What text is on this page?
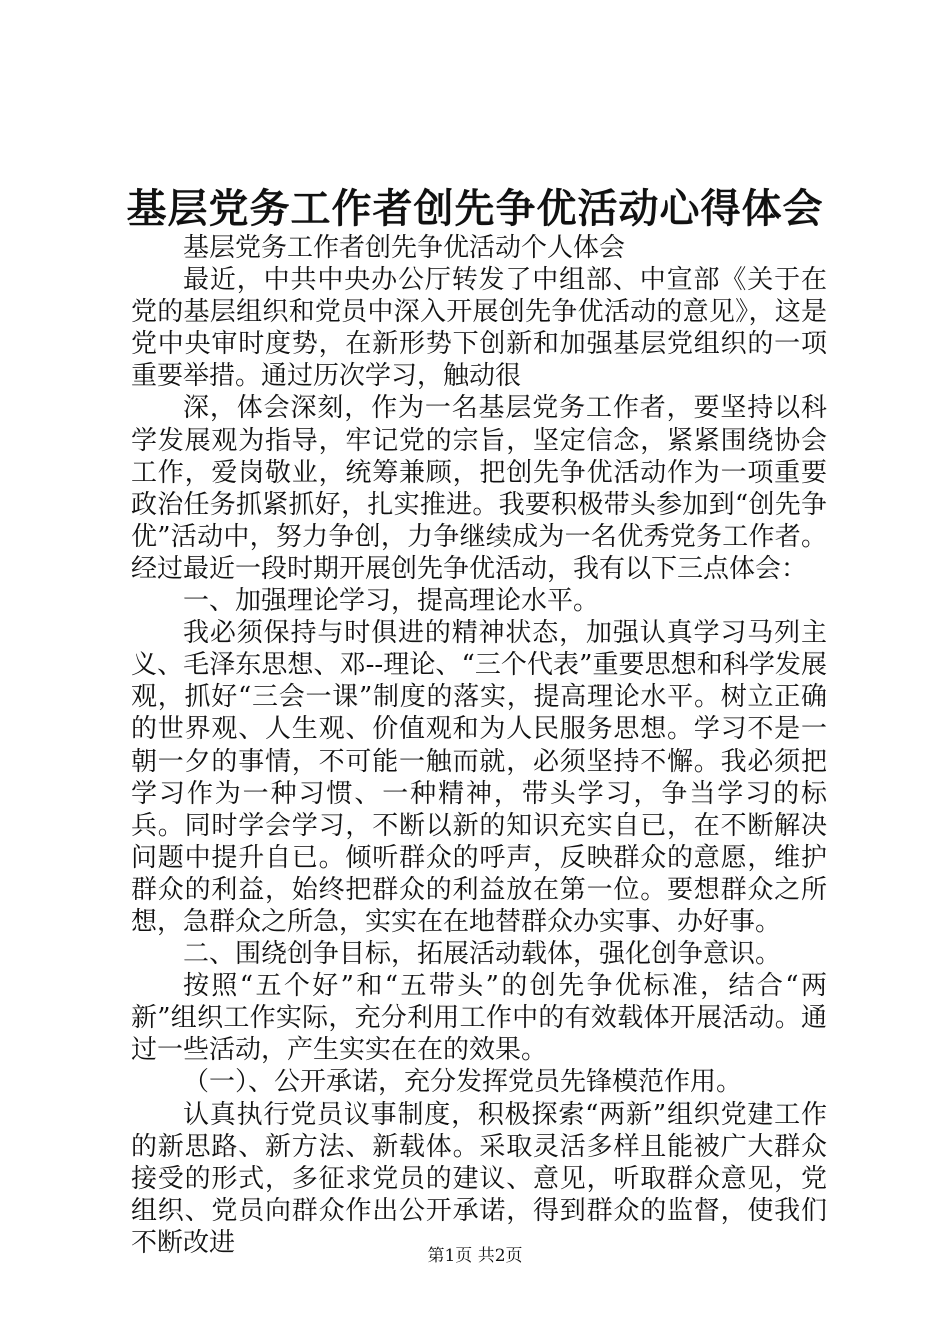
基层党务工作者创先争优活动心得体会

基层党务工作者创先争优活动个人体会

最近，中共中央办公厅转发了中组部、中宣部《关于在党的基层组织和党员中深入开展创先争优活动的意见》，这是党中央审时度势，在新形势下创新和加强基层党组织的一项重要举措。通过历次学习，触动很

深，体会深刻，作为一名基层党务工作者，要坚持以科学发展观为指导，牢记党的宗旨，坚定信念，紧紧围绕协会工作，爱岗敬业，统筹兼顾，把创先争优活动作为一项重要政治任务抓紧抓好，扎实推进。我要积极带头参加到“创先争优”活动中，努力争创，力争继续成为一名优秀党务工作者。经过最近一段时期开展创先争优活动，我有以下三点体会：

一、加强理论学习，提高理论水平。

我必须保持与时俱进的精神状态，加强认真学习马列主义、毛泽东思想、邓--理论、“三个代表”重要思想和科学发展观，抓好“三会一课”制度的落实，提高理论水平。树立正确的世界观、人生观、价值观和为人民服务思想。学习不是一朝一夕的事情，不可能一触而就，必须坚持不懈。我必须把学习作为一种习惯、一种精神，带头学习，争当学习的标兵。同时学会学习，不断以新的知识充实自已，在不断解决问题中提升自已。倾听群众的呼声，反映群众的意愿，维护群众的利益，始终把群众的利益放在第一位。要想群众之所想，急群众之所急，实实在在地替群众办实事、办好事。

二、围绕创争目标，拓展活动载体，强化创争意识。

按照“五个好”和“五带头”的创先争优标准，结合“两新”组织工作实际，充分利用工作中的有效载体开展活动。通过一些活动，产生实实在在的效果。

（一）、公开承诺，充分发挥党员先锋模范作用。

认真执行党员议事制度，积极探索“两新”组织党建工作的新思路、新方法、新载体。采取灵活多样且能被广大群众接受的形式，多征求党员的建议、意见，听取群众意见，党组织、党员向群众作出公开承诺，得到群众的监督，使我们不断改进	第1页 共2页
